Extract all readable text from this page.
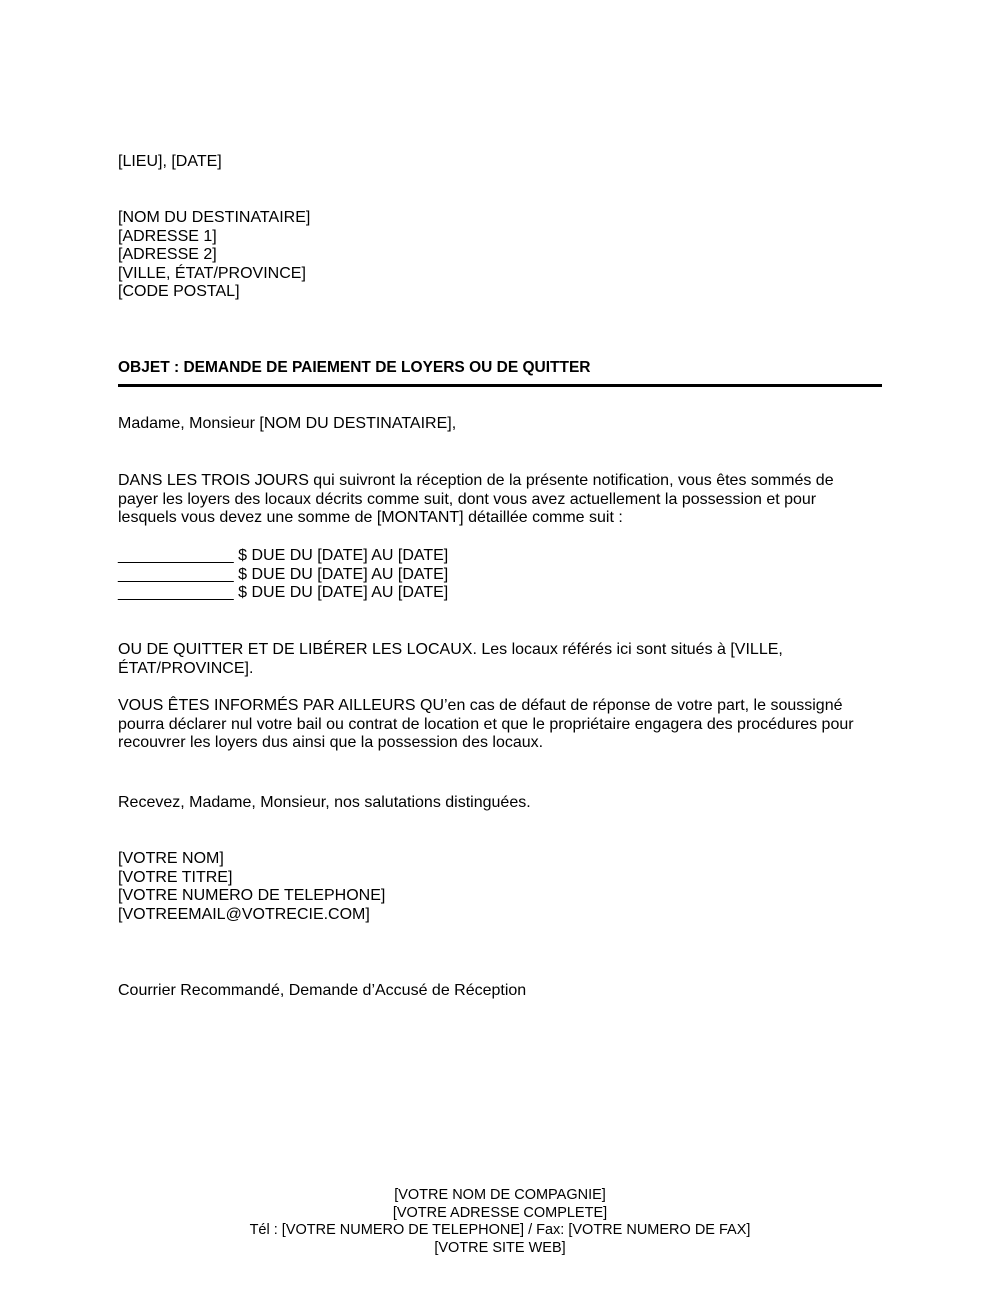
[LIEU], [DATE]
[NOM DU DESTINATAIRE]
[ADRESSE 1]
[ADRESSE 2]
[VILLE, ÉTAT/PROVINCE]
[CODE POSTAL]
OBJET : DEMANDE DE PAIEMENT DE LOYERS OU DE QUITTER
Madame, Monsieur [NOM DU DESTINATAIRE],
DANS LES TROIS JOURS qui suivront la réception de la présente notification, vous êtes sommés de
payer les loyers des locaux décrits comme suit, dont vous avez actuellement la possession et pour
lesquels vous devez une somme de [MONTANT] détaillée comme suit :
_____________ $ DUE DU [DATE] AU [DATE]
_____________ $ DUE DU [DATE] AU [DATE]
_____________ $ DUE DU [DATE] AU [DATE]
OU DE QUITTER ET DE LIBÉRER LES LOCAUX. Les locaux référés ici sont situés à [VILLE,
ÉTAT/PROVINCE].
VOUS ÊTES INFORMÉS PAR AILLEURS QU’en cas de défaut de réponse de votre part, le soussigné
pourra déclarer nul votre bail ou contrat de location et que le propriétaire engagera des procédures pour
recouvrer les loyers dus ainsi que la possession des locaux.
Recevez, Madame, Monsieur, nos salutations distinguées.
[VOTRE NOM]
[VOTRE TITRE]
[VOTRE NUMERO DE TELEPHONE]
[VOTREEMAIL@VOTRECIE.COM]
Courrier Recommandé, Demande d’Accusé de Réception
[VOTRE NOM DE COMPAGNIE]
[VOTRE ADRESSE COMPLETE]
Tél : [VOTRE NUMERO DE TELEPHONE] / Fax: [VOTRE NUMERO DE FAX]
[VOTRE SITE WEB]
